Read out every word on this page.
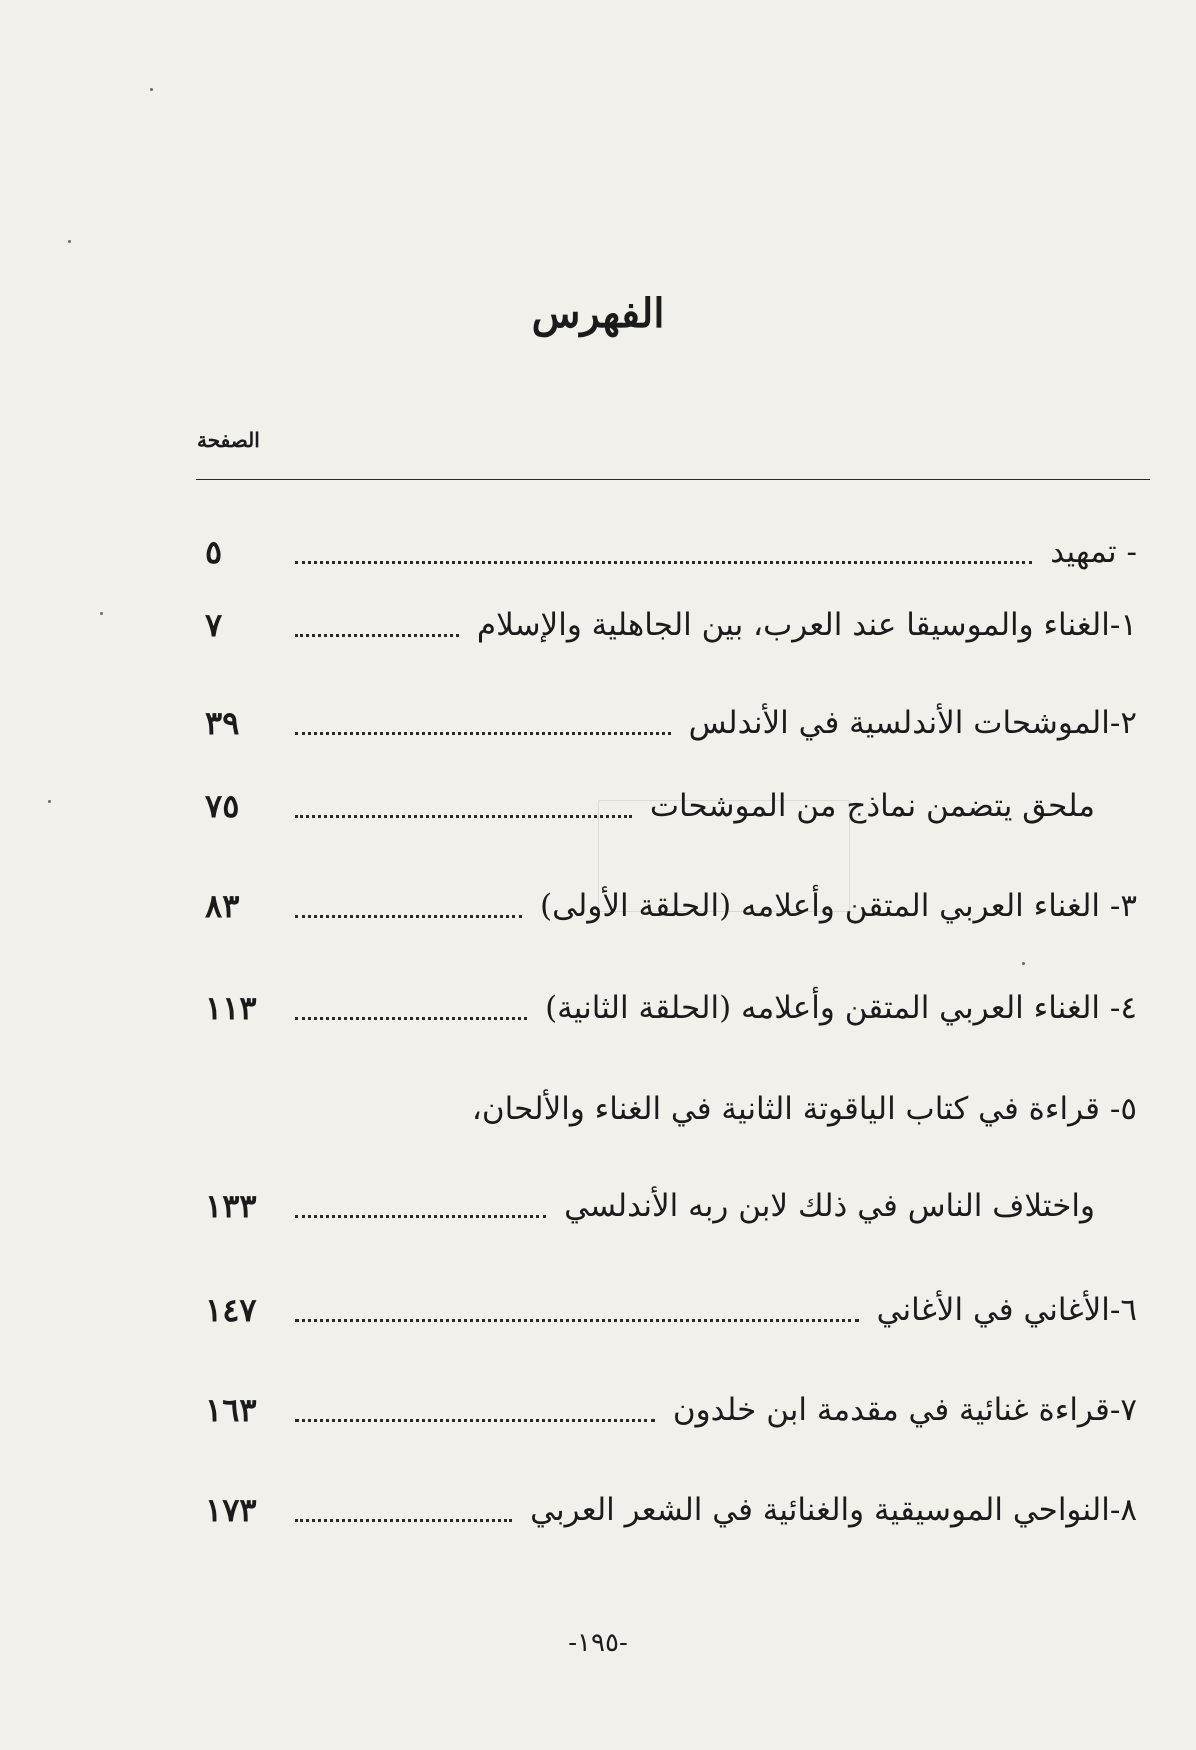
الفهرس
الصفحة
- تمهيد
٥
١-الغناء والموسيقا عند العرب، بين الجاهلية والإسلام
٧
٢-الموشحات الأندلسية في الأندلس
٣٩
ملحق يتضمن نماذج من الموشحات
٧٥
٣- الغناء العربي المتقن وأعلامه (الحلقة الأولى)
٨٣
٤- الغناء العربي المتقن وأعلامه (الحلقة الثانية)
١١٣
٥- قراءة في كتاب الياقوتة الثانية في الغناء والألحان،
واختلاف الناس في ذلك لابن ربه الأندلسي
١٣٣
٦-الأغاني في الأغاني
١٤٧
٧-قراءة غنائية في مقدمة ابن خلدون
١٦٣
٨-النواحي الموسيقية والغنائية في الشعر العربي
١٧٣
-١٩٥-
